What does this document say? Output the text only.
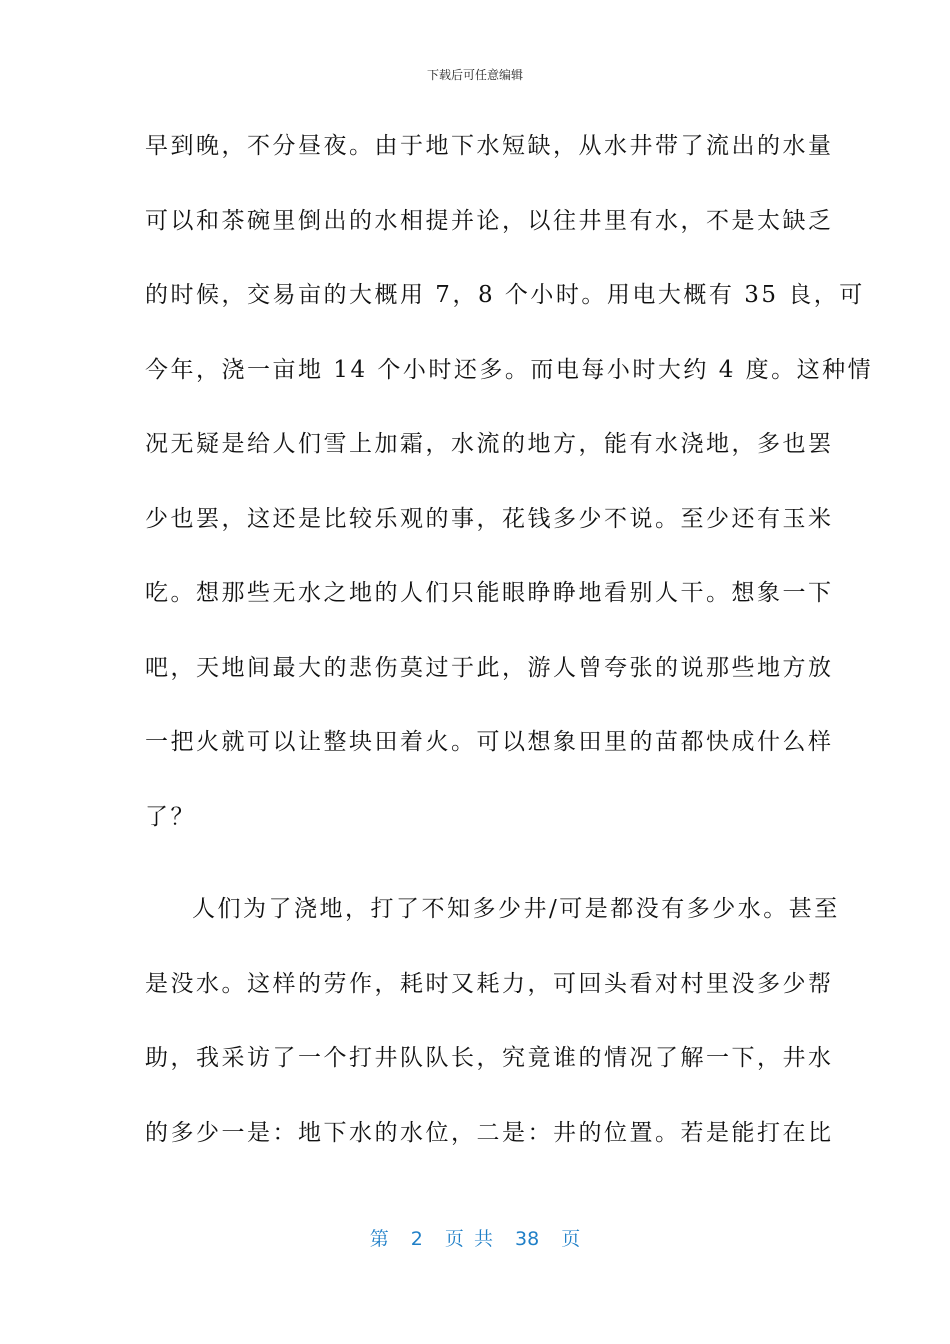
下载后可任意编辑
早到晚，不分昼夜。由于地下水短缺，从水井带了流出的水量
可以和茶碗里倒出的水相提并论，以往井里有水，不是太缺乏
的时候，交易亩的大概用 7，8 个小时。用电大概有 35 良，可
今年，浇一亩地 14 个小时还多。而电每小时大约 4 度。这种情
况无疑是给人们雪上加霜，水流的地方，能有水浇地，多也罢
少也罢，这还是比较乐观的事，花钱多少不说。至少还有玉米
吃。想那些无水之地的人们只能眼睁睁地看别人干。想象一下
吧，天地间最大的悲伤莫过于此，游人曾夸张的说那些地方放
一把火就可以让整块田着火。可以想象田里的苗都快成什么样
了？
人们为了浇地，打了不知多少井/可是都没有多少水。甚至
是没水。这样的劳作，耗时又耗力，可回头看对村里没多少帮
助，我采访了一个打井队队长，究竟谁的情况了解一下，井水
的多少一是：地下水的水位，二是：井的位置。若是能打在比
第 2 页 共 38 页
